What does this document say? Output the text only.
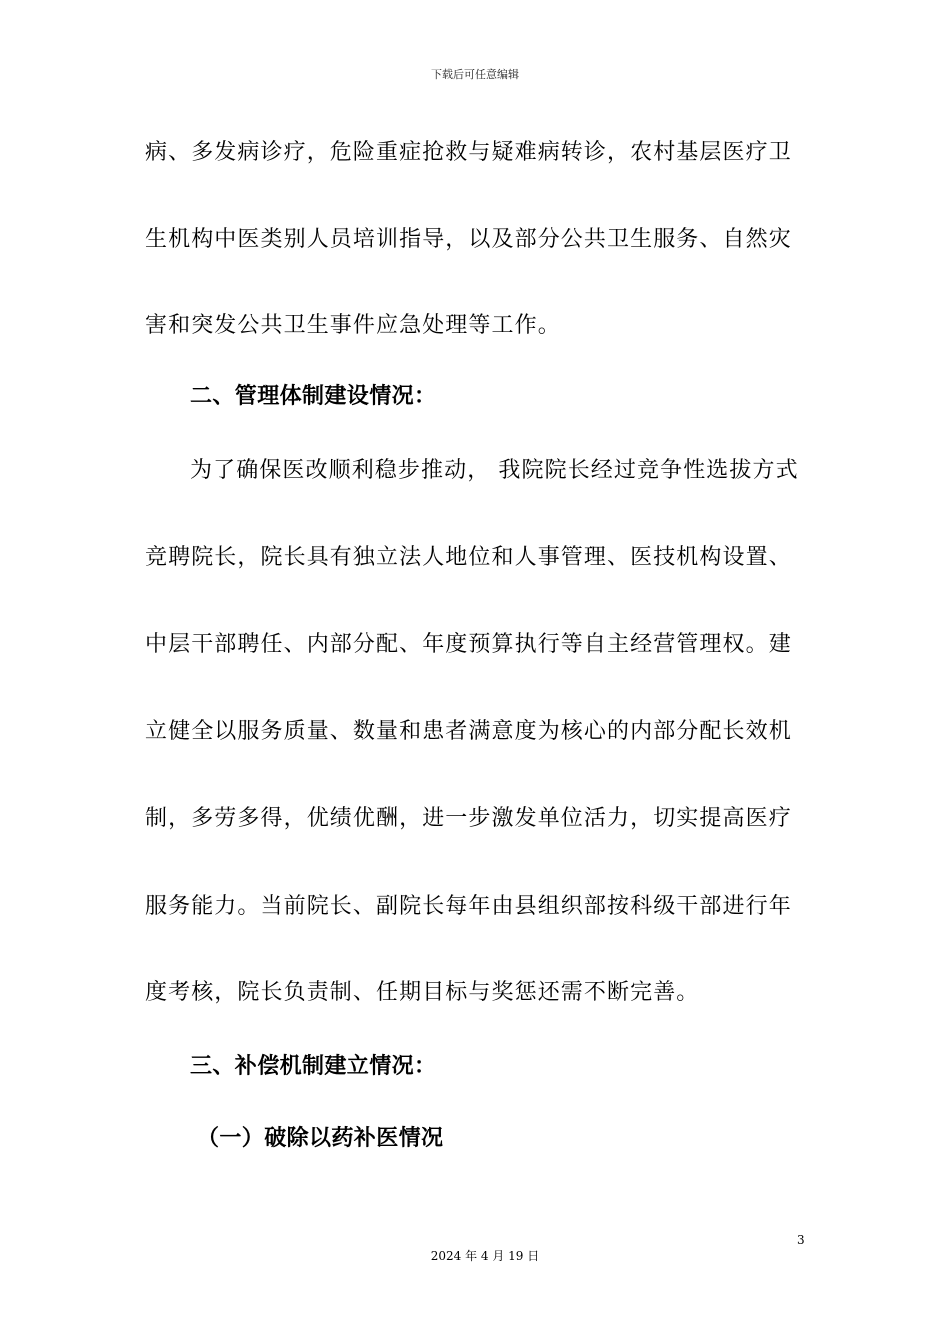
下载后可任意编辑
病、多发病诊疗，危险重症抢救与疑难病转诊，农村基层医疗卫
生机构中医类别人员培训指导，以及部分公共卫生服务、自然灾
害和突发公共卫生事件应急处理等工作。
二、管理体制建设情况：
为了确保医改顺利稳步推动， 我院院长经过竞争性选拔方式
竞聘院长，院长具有独立法人地位和人事管理、医技机构设置、
中层干部聘任、内部分配、年度预算执行等自主经营管理权。建
立健全以服务质量、数量和患者满意度为核心的内部分配长效机
制，多劳多得，优绩优酬，进一步激发单位活力，切实提高医疗
服务能力。当前院长、副院长每年由县组织部按科级干部进行年
度考核，院长负责制、任期目标与奖惩还需不断完善。
三、补偿机制建立情况：
（一）破除以药补医情况
3
2024 年 4 月 19 日
